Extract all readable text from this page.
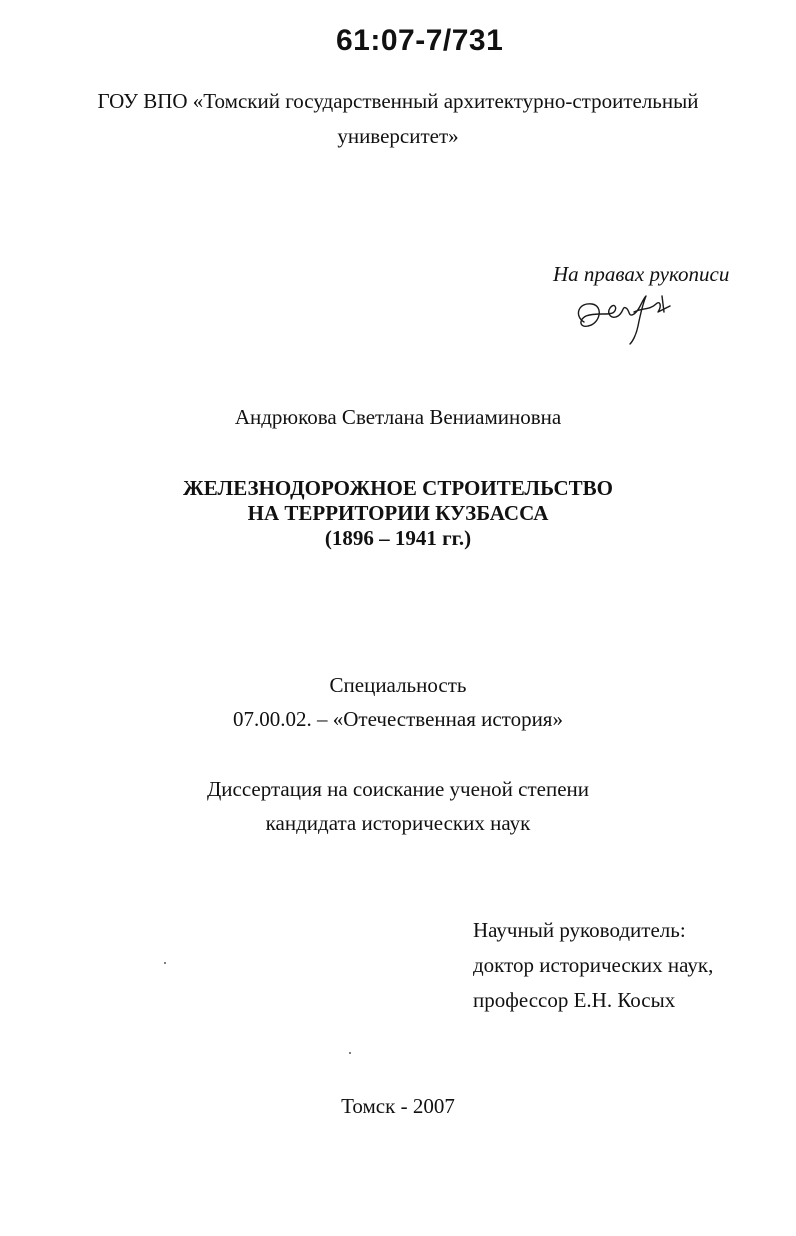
61:07-7/731
ГОУ ВПО «Томский государственный архитектурно-строительный
университет»
На правах рукописи
Андрюкова Светлана Вениаминовна
ЖЕЛЕЗНОДОРОЖНОЕ СТРОИТЕЛЬСТВО
НА ТЕРРИТОРИИ КУЗБАССА
(1896 – 1941 гг.)
Специальность
07.00.02. – «Отечественная история»
Диссертация на соискание ученой степени
кандидата исторических наук
Научный руководитель:
доктор исторических наук,
профессор Е.Н. Косых
Томск - 2007
